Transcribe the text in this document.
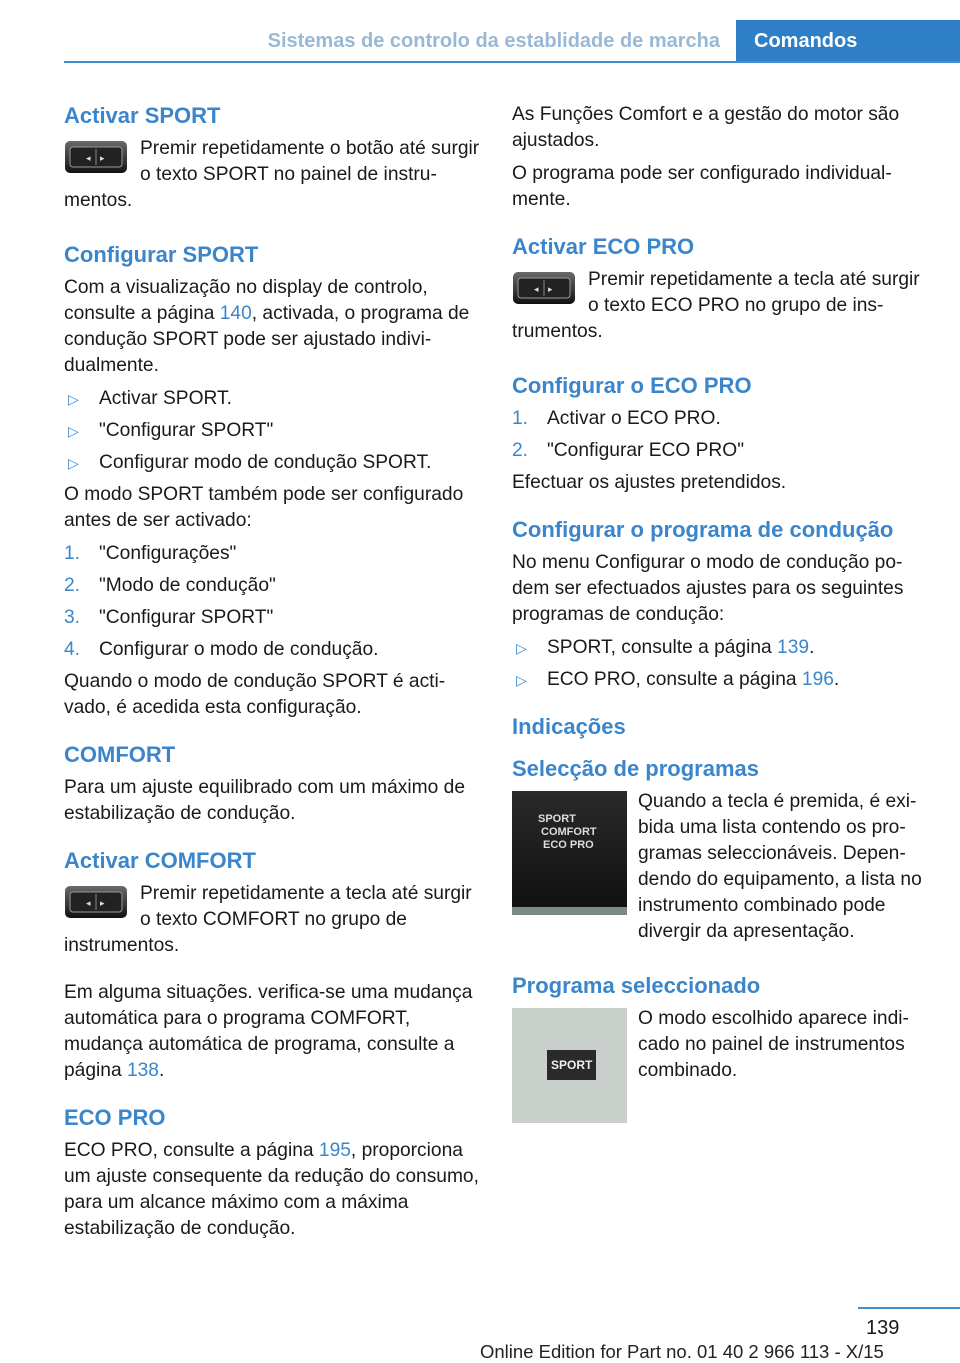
Sistemas de controlo da establidade de marcha	Comandos
Activar SPORT
◂ ▸	Premir repetidamente o botão até surgir o texto SPORT no painel de instrumentos.

Configurar SPORT

Com a visualização no display de controlo, consulte a página 140, activada, o programa de condução SPORT pode ser ajustado individualmente.

▷ Activar SPORT.
▷ "Configurar SPORT"
▷ Configurar modo de condução SPORT.

O modo SPORT também pode ser configurado antes de ser activado:

1. "Configurações"
2. "Modo de condução"
3. "Configurar SPORT"
4. Configurar o modo de condução.

Quando o modo de condução SPORT é activado, é acedida esta configuração.

COMFORT

Para um ajuste equilibrado com um máximo de estabilização de condução.

Activar COMFORT
◂ ▸	Premir repetidamente a tecla até surgir o texto COMFORT no grupo de instrumentos.

Em alguma situações. verifica-se uma mudança automática para o programa COMFORT, mudança automática de programa, consulte a página 138.

ECO PRO

ECO PRO, consulte a página 195, proporciona um ajuste consequente da redução do consumo, para um alcance máximo com a máxima estabilização de condução.

As Funções Comfort e a gestão do motor são ajustados.

O programa pode ser configurado individualmente.

Activar ECO PRO
◂ ▸	Premir repetidamente a tecla até surgir o texto ECO PRO no grupo de instrumentos.

Configurar o ECO PRO
1. Activar o ECO PRO.
2. "Configurar ECO PRO"

Efectuar os ajustes pretendidos.

Configurar o programa de condução

No menu Configurar o modo de condução podem ser efectuados ajustes para os seguintes programas de condução:

▷ SPORT, consulte a página 139.
▷ ECO PRO, consulte a página 196.
Indicações
Selecção de programas
SPORT
COMFORT
ECO PRO

Quando a tecla é premida, é exibida uma lista contendo os programas seleccionáveis. Dependendo do equipamento, a lista no instrumento combinado pode divergir da apresentação.

Programa seleccionado
SPORT

O modo escolhido aparece indicado no painel de instrumentos combinado.

139
Online Edition for Part no. 01 40 2 966 113 - X/15
